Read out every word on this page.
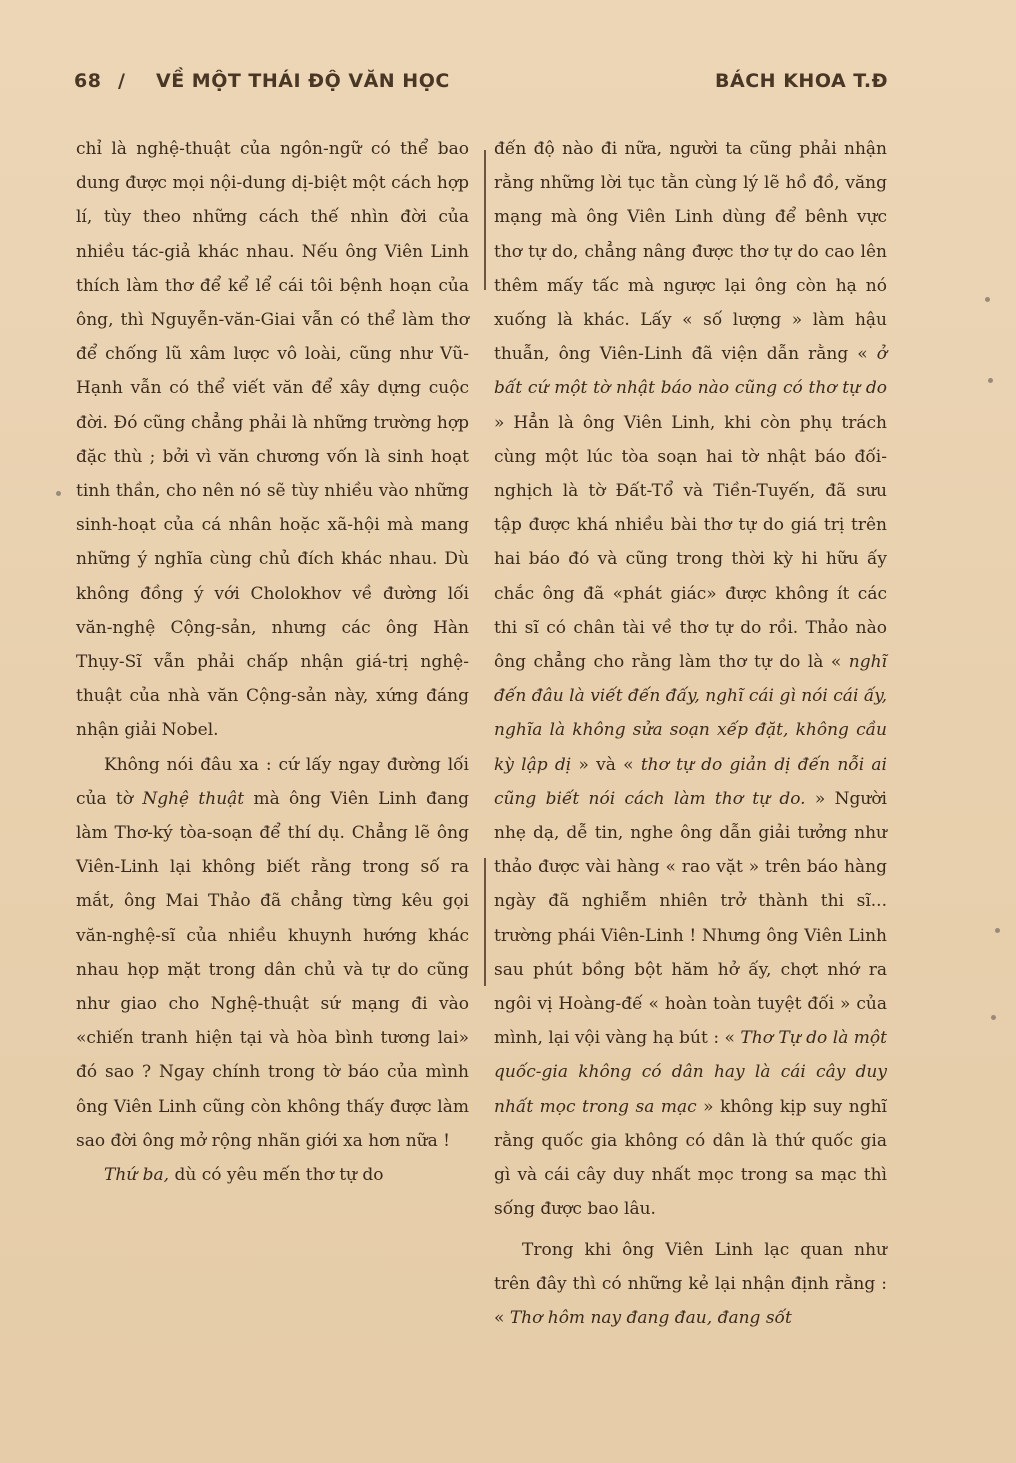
68 / VỀ MỘT THÁI ĐỘ VĂN HỌC	BÁCH KHOA T.Đ

chỉ là nghệ-thuật của ngôn-ngữ có thể bao dung được mọi nội-dung dị-biệt một cách hợp lí, tùy theo những cách thế nhìn đời của nhiều tác-giả khác nhau. Nếu ông Viên Linh thích làm thơ để kể lể cái tôi bệnh hoạn của ông, thì Nguyễn-văn-Giai vẫn có thể làm thơ để chống lũ xâm lược vô loài, cũng như Vũ-Hạnh vẫn có thể viết văn để xây dựng cuộc đời. Đó cũng chẳng phải là những trường hợp đặc thù ; bởi vì văn chương vốn là sinh hoạt tinh thần, cho nên nó sẽ tùy nhiều vào những sinh-hoạt của cá nhân hoặc xã-hội mà mang những ý nghĩa cùng chủ đích khác nhau. Dù không đồng ý với Cholokhov về đường lối văn-nghệ Cộng-sản, nhưng các ông Hàn Thụy-Sĩ vẫn phải chấp nhận giá-trị nghệ-thuật của nhà văn Cộng-sản này, xứng đáng nhận giải Nobel.

Không nói đâu xa : cứ lấy ngay đường lối của tờ Nghệ thuật mà ông Viên Linh đang làm Thơ-ký tòa-soạn để thí dụ. Chẳng lẽ ông Viên-Linh lại không biết rằng trong số ra mắt, ông Mai Thảo đã chẳng từng kêu gọi văn-nghệ-sĩ của nhiều khuynh hướng khác nhau họp mặt trong dân chủ và tự do cũng như giao cho Nghệ-thuật sứ mạng đi vào «chiến tranh hiện tại và hòa bình tương lai» đó sao ? Ngay chính trong tờ báo của mình ông Viên Linh cũng còn không thấy được làm sao đời ông mở rộng nhãn giới xa hơn nữa !

Thứ ba, dù có yêu mến thơ tự do

đến độ nào đi nữa, người ta cũng phải nhận rằng những lời tục tằn cùng lý lẽ hồ đồ, văng mạng mà ông Viên Linh dùng để bênh vực thơ tự do, chẳng nâng được thơ tự do cao lên thêm mấy tấc mà ngược lại ông còn hạ nó xuống là khác. Lấy « số lượng » làm hậu thuẫn, ông Viên-Linh đã viện dẫn rằng « ở bất cứ một tờ nhật báo nào cũng có thơ tự do » Hẳn là ông Viên Linh, khi còn phụ trách cùng một lúc tòa soạn hai tờ nhật báo đối-nghịch là tờ Đất-Tổ và Tiền-Tuyến, đã sưu tập được khá nhiều bài thơ tự do giá trị trên hai báo đó và cũng trong thời kỳ hi hữu ấy chắc ông đã «phát giác» được không ít các thi sĩ có chân tài về thơ tự do rồi. Thảo nào ông chẳng cho rằng làm thơ tự do là « nghĩ đến đâu là viết đến đấy, nghĩ cái gì nói cái ấy, nghĩa là không sửa soạn xếp đặt, không cầu kỳ lập dị » và « thơ tự do giản dị đến nỗi ai cũng biết nói cách làm thơ tự do. » Người nhẹ dạ, dễ tin, nghe ông dẫn giải tưởng như thảo được vài hàng « rao vặt » trên báo hàng ngày đã nghiễm nhiên trở thành thi sĩ... trường phái Viên-Linh ! Nhưng ông Viên Linh sau phút bồng bột hăm hở ấy, chợt nhớ ra ngôi vị Hoàng-đế « hoàn toàn tuyệt đối » của mình, lại vội vàng hạ bút : « Thơ Tự do là một quốc-gia không có dân hay là cái cây duy nhất mọc trong sa mạc » không kịp suy nghĩ rằng quốc gia không có dân là thứ quốc gia gì và cái cây duy nhất mọc trong sa mạc thì sống được bao lâu.

Trong khi ông Viên Linh lạc quan như trên đây thì có những kẻ lại nhận định rằng : « Thơ hôm nay đang đau, đang sốt
